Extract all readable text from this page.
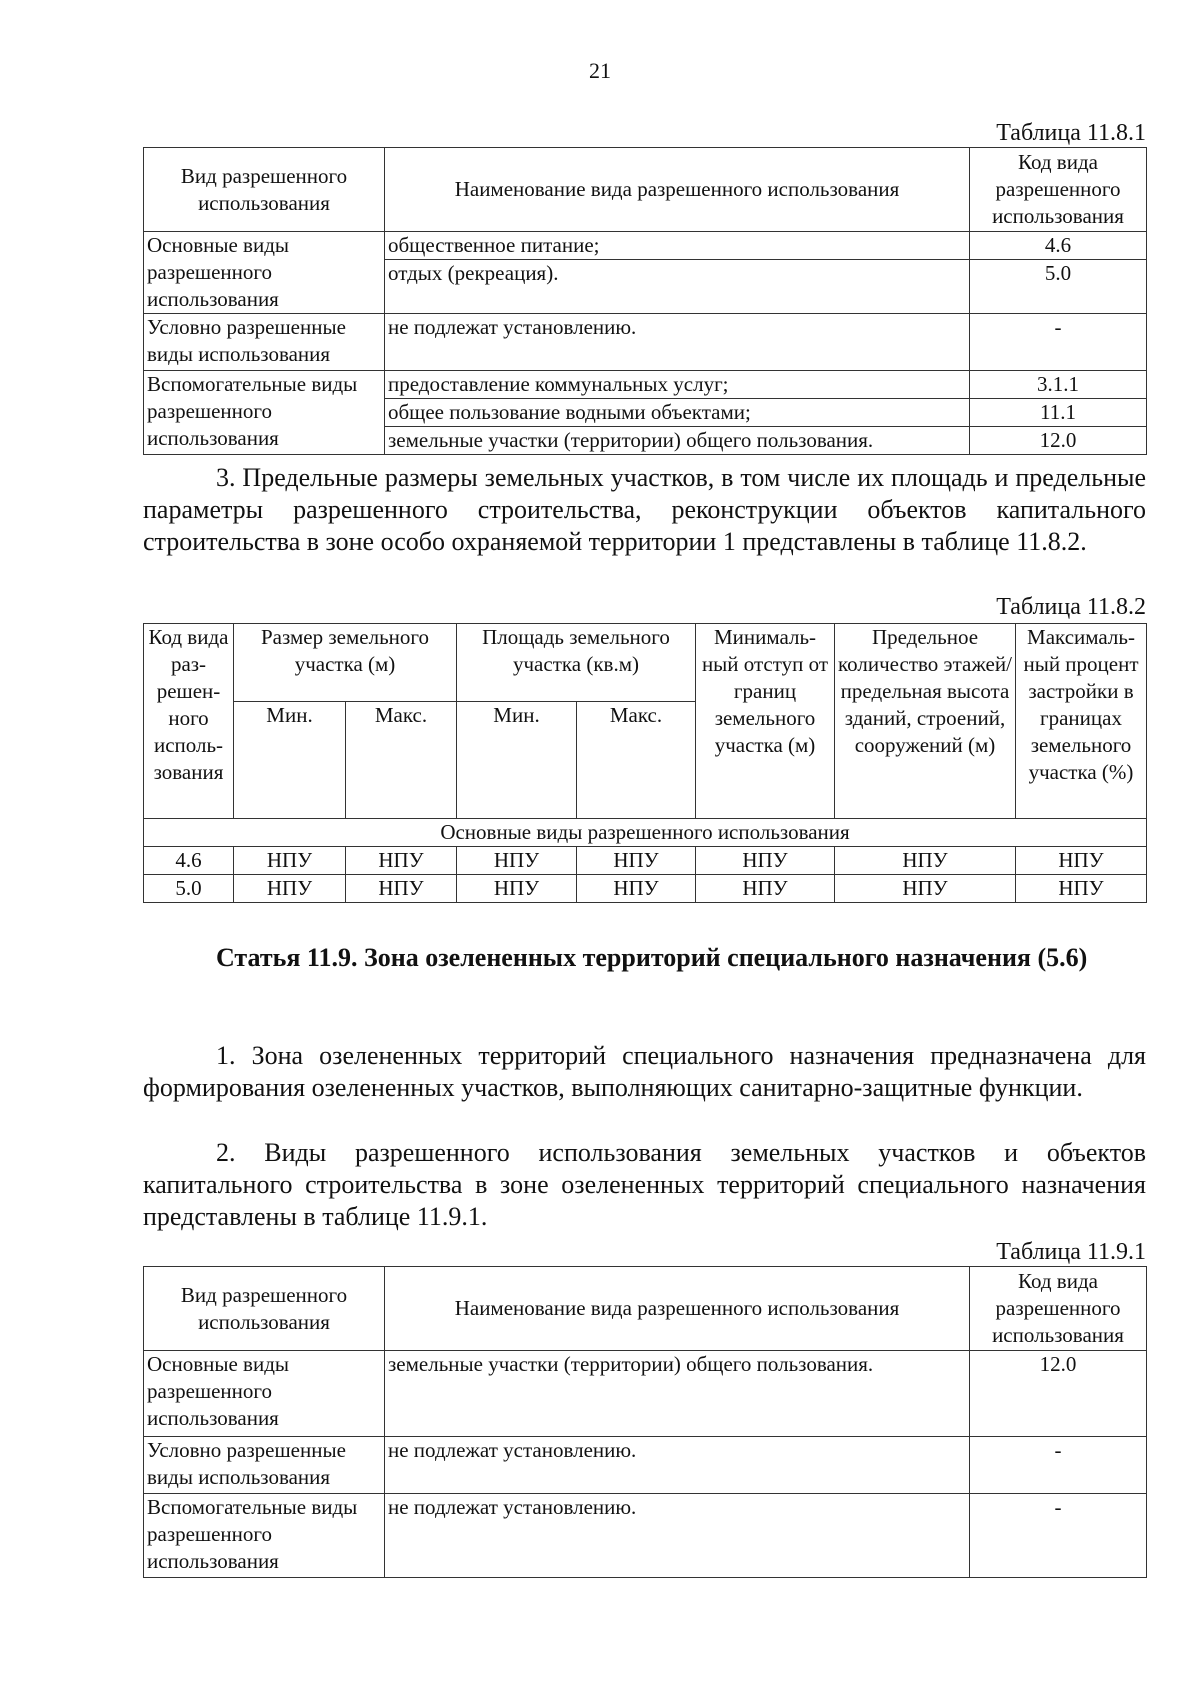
21
Таблица 11.8.1
Вид разрешенного использования	Наименование вида разрешенного использования	Код вида разрешенного использования
Основные виды разрешенного использования	общественное питание;	4.6
	отдых (рекреация).	5.0
Условно разрешенные виды использования	не подлежат установлению.	-
Вспомогательные виды разрешенного использования	предоставление коммунальных услуг;	3.1.1
	общее пользование водными объектами;	11.1
	земельные участки (территории) общего пользования.	12.0

3. Предельные размеры земельных участков, в том числе их площадь и предельные параметры разрешенного строительства, реконструкции объектов капитального строительства в зоне особо охраняемой территории 1 представлены в таблице 11.8.2.

Таблица 11.8.2
Код вида раз-решен-ного исполь-зования	Размер земельного участка (м)		Площадь земельного участка (кв.м)		Минималь-ный отступ от границ земельного участка (м)	Предельное количество этажей/ предельная высота зданий, строений, сооружений (м)	Максималь-ный процент застройки в границах земельного участка (%)
	Мин.	Макс.	Мин.	Макс.			
Основные виды разрешенного использования							
4.6	НПУ	НПУ	НПУ	НПУ	НПУ	НПУ	НПУ
5.0	НПУ	НПУ	НПУ	НПУ	НПУ	НПУ	НПУ

Статья 11.9. Зона озелененных территорий специального назначения (5.6)

1. Зона озелененных территорий специального назначения предназначена для формирования озелененных участков, выполняющих санитарно-защитные функции.

2. Виды разрешенного использования земельных участков и объектов капитального строительства в зоне озелененных территорий специального назначения представлены в таблице 11.9.1.

Таблица 11.9.1
Вид разрешенного использования	Наименование вида разрешенного использования	Код вида разрешенного использования
Основные виды разрешенного использования	земельные участки (территории) общего пользования.	12.0
Условно разрешенные виды использования	не подлежат установлению.	-
Вспомогательные виды разрешенного использования	не подлежат установлению.	-
